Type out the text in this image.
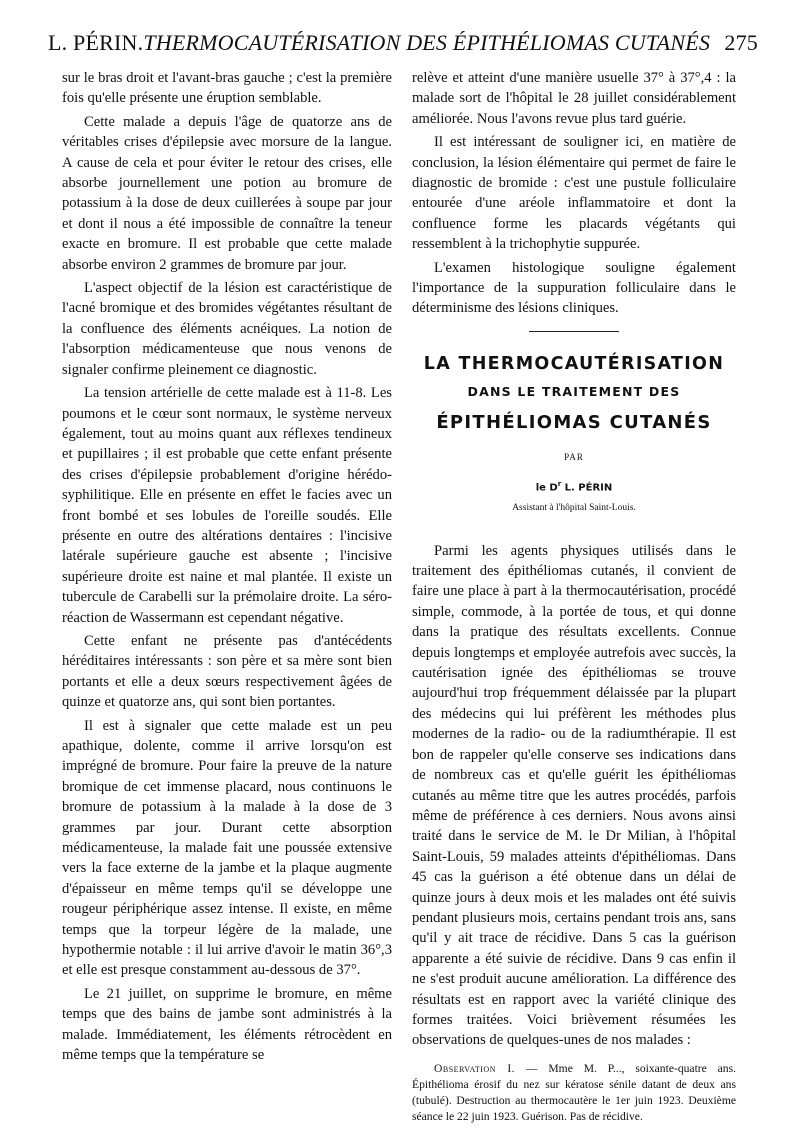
L. PÉRIN.THERMOCAUTÉRISATION DES ÉPITHÉLIOMAS CUTANÉS 275

sur le bras droit et l'avant-bras gauche ; c'est la première fois qu'elle présente une éruption semblable.

Cette malade a depuis l'âge de quatorze ans de véritables crises d'épilepsie avec morsure de la langue. A cause de cela et pour éviter le retour des crises, elle absorbe journellement une potion au bromure de potassium à la dose de deux cuillerées à soupe par jour et dont il nous a été impossible de connaître la teneur exacte en bromure. Il est probable que cette malade absorbe environ 2 grammes de bromure par jour.

L'aspect objectif de la lésion est caractéristique de l'acné bromique et des bromides végétantes résultant de la confluence des éléments acnéiques. La notion de l'absorption médicamenteuse que nous venons de signaler confirme pleinement ce diagnostic.

La tension artérielle de cette malade est à 11-8. Les poumons et le cœur sont normaux, le système nerveux également, tout au moins quant aux réflexes tendineux et pupillaires ; il est probable que cette enfant présente des crises d'épilepsie probablement d'origine hérédo-syphilitique. Elle en présente en effet le facies avec un front bombé et ses lobules de l'oreille soudés. Elle présente en outre des altérations dentaires : l'incisive latérale supérieure gauche est absente ; l'incisive supérieure droite est naine et mal plantée. Il existe un tubercule de Carabelli sur la prémolaire droite. La séro-réaction de Wassermann est cependant négative.

Cette enfant ne présente pas d'antécédents héréditaires intéressants : son père et sa mère sont bien portants et elle a deux sœurs respectivement âgées de quinze et quatorze ans, qui sont bien portantes.

Il est à signaler que cette malade est un peu apathique, dolente, comme il arrive lorsqu'on est imprégné de bromure. Pour faire la preuve de la nature bromique de cet immense placard, nous continuons le bromure de potassium à la malade à la dose de 3 grammes par jour. Durant cette absorption médicamenteuse, la malade fait une poussée extensive vers la face externe de la jambe et la plaque augmente d'épaisseur en même temps qu'il se développe une rougeur périphérique assez intense. Il existe, en même temps que la torpeur légère de la malade, une hypothermie notable : il lui arrive d'avoir le matin 36°,3 et elle est presque constamment au-dessous de 37°.

Le 21 juillet, on supprime le bromure, en même temps que des bains de jambe sont administrés à la malade. Immédiatement, les éléments rétrocèdent en même temps que la température se

relève et atteint d'une manière usuelle 37° à 37°,4 : la malade sort de l'hôpital le 28 juillet considérablement améliorée. Nous l'avons revue plus tard guérie.

Il est intéressant de souligner ici, en matière de conclusion, la lésion élémentaire qui permet de faire le diagnostic de bromide : c'est une pustule folliculaire entourée d'une aréole inflammatoire et dont la confluence forme les placards végétants qui ressemblent à la trichophytie suppurée.

L'examen histologique souligne également l'importance de la suppuration folliculaire dans le déterminisme des lésions cliniques.

LA THERMOCAUTÉRISATION
DANS LE TRAITEMENT DES
ÉPITHÉLIOMAS CUTANÉS
PAR
le $D^r$ L. PÉRIN
Assistant à l'hôpital Saint-Louis.

Parmi les agents physiques utilisés dans le traitement des épithéliomas cutanés, il convient de faire une place à part à la thermocautérisation, procédé simple, commode, à la portée de tous, et qui donne dans la pratique des résultats excellents. Connue depuis longtemps et employée autrefois avec succès, la cautérisation ignée des épithéliomas se trouve aujourd'hui trop fréquemment délaissée par la plupart des médecins qui lui préfèrent les méthodes plus modernes de la radio- ou de la radiumthérapie. Il est bon de rappeler qu'elle conserve ses indications dans de nombreux cas et qu'elle guérit les épithéliomas cutanés au même titre que les autres procédés, parfois même de préférence à ces derniers. Nous avons ainsi traité dans le service de M. le Dr Milian, à l'hôpital Saint-Louis, 59 malades atteints d'épithéliomas. Dans 45 cas la guérison a été obtenue dans un délai de quinze jours à deux mois et les malades ont été suivis pendant plusieurs mois, certains pendant trois ans, sans qu'il y ait trace de récidive. Dans 5 cas la guérison apparente a été suivie de récidive. Dans 9 cas enfin il ne s'est produit aucune amélioration. La différence des résultats est en rapport avec la variété clinique des formes traitées. Voici brièvement résumées les observations de quelques-unes de nos malades :

Observation I. — Mme M. P..., soixante-quatre ans. Épithélioma érosif du nez sur kératose sénile datant de deux ans (tubulé). Destruction au thermocautère le 1er juin 1923. Deuxième séance le 22 juin 1923. Guérison. Pas de récidive.
